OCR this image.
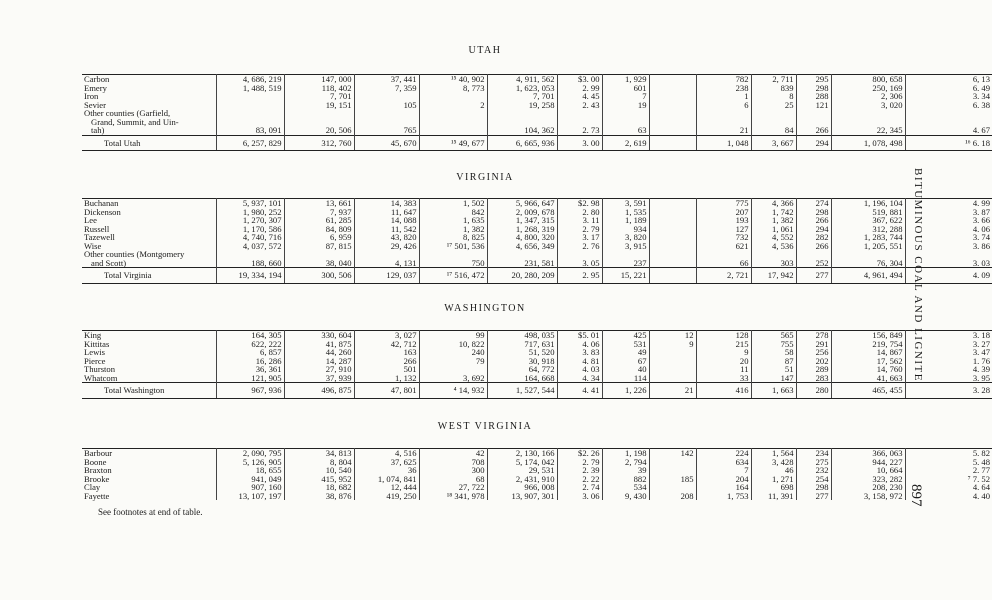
UTAH
Carbon	4, 686, 219	147, 000	37, 441	¹⁵ 40, 902	4, 911, 562	$3. 00	1, 929		782	2, 711	295	800, 658	6, 13
Emery	1, 488, 519	118, 402	7, 359	8, 773	1, 623, 053	2. 99	601		238	839	298	250, 169	6. 49
Iron		7, 701			7, 701	4. 45	7		1	8	288	2, 306	3. 34
Sevier		19, 151	105	2	19, 258	2. 43	19		6	25	121	3, 020	6. 38
Other counties (Garfield,													
Grand, Summit, and Uin-													
tah)	83, 091	20, 506	765		104, 362	2. 73	63		21	84	266	22, 345	4. 67
Total Utah	6, 257, 829	312, 760	45, 670	¹⁵ 49, 677	6, 665, 936	3. 00	2, 619		1, 048	3, 667	294	1, 078, 498	¹⁶ 6. 18
VIRGINIA
Buchanan	5, 937, 101	13, 661	14, 383	1, 502	5, 966, 647	$2. 98	3, 591		775	4, 366	274	1, 196, 104	4. 99
Dickenson	1, 980, 252	7, 937	11, 647	842	2, 009, 678	2. 80	1, 535		207	1, 742	298	519, 881	3. 87
Lee	1, 270, 307	61, 285	14, 088	1, 635	1, 347, 315	3. 11	1, 189		193	1, 382	266	367, 622	3. 66
Russell	1, 170, 586	84, 809	11, 542	1, 382	1, 268, 319	2. 79	934		127	1, 061	294	312, 288	4. 06
Tazewell	4, 740, 716	6, 959	43, 820	8, 825	4, 800, 320	3. 17	3, 820		732	4, 552	282	1, 283, 744	3. 74
Wise	4, 037, 572	87, 815	29, 426	¹⁷ 501, 536	4, 656, 349	2. 76	3, 915		621	4, 536	266	1, 205, 551	3. 86
Other counties (Montgomery													
and Scott)	188, 660	38, 040	4, 131	750	231, 581	3. 05	237		66	303	252	76, 304	3. 03
Total Virginia	19, 334, 194	300, 506	129, 037	¹⁷ 516, 472	20, 280, 209	2. 95	15, 221		2, 721	17, 942	277	4, 961, 494	4. 09
WASHINGTON
King	164, 305	330, 604	3, 027	99	498, 035	$5. 01	425	12	128	565	278	156, 849	3. 18
Kittitas	622, 222	41, 875	42, 712	10, 822	717, 631	4. 06	531	9	215	755	291	219, 754	3. 27
Lewis	6, 857	44, 260	163	240	51, 520	3. 83	49		9	58	256	14, 867	3. 47
Pierce	16, 286	14, 287	266	79	30, 918	4. 81	67		20	87	202	17, 562	1. 76
Thurston	36, 361	27, 910	501		64, 772	4. 03	40		11	51	289	14, 760	4. 39
Whatcom	121, 905	37, 939	1, 132	3, 692	164, 668	4. 34	114		33	147	283	41, 663	3. 95
Total Washington	967, 936	496, 875	47, 801	⁴ 14, 932	1, 527, 544	4. 41	1, 226	21	416	1, 663	280	465, 455	3. 28
WEST VIRGINIA
Barbour	2, 090, 795	34, 813	4, 516	42	2, 130, 166	$2. 26	1, 198	142	224	1, 564	234	366, 063	5. 82
Boone	5, 126, 905	8, 804	37, 625	708	5, 174, 042	2. 79	2, 794		634	3, 428	275	944, 227	5. 48
Braxton	18, 655	10, 540	36	300	29, 531	2. 39	39		7	46	232	10, 664	2. 77
Brooke	941, 049	415, 952	1, 074, 841	68	2, 431, 910	2. 22	882	185	204	1, 271	254	323, 282	⁷ 7. 52
Clay	907, 160	18, 682	12, 444	27, 722	966, 008	2. 74	534		164	698	298	208, 230	4. 64
Fayette	13, 107, 197	38, 876	419, 250	¹⁸ 341, 978	13, 907, 301	3. 06	9, 430	208	1, 753	11, 391	277	3, 158, 972	4. 40
BITUMINOUS COAL AND LIGNITE
897
See footnotes at end of table.
